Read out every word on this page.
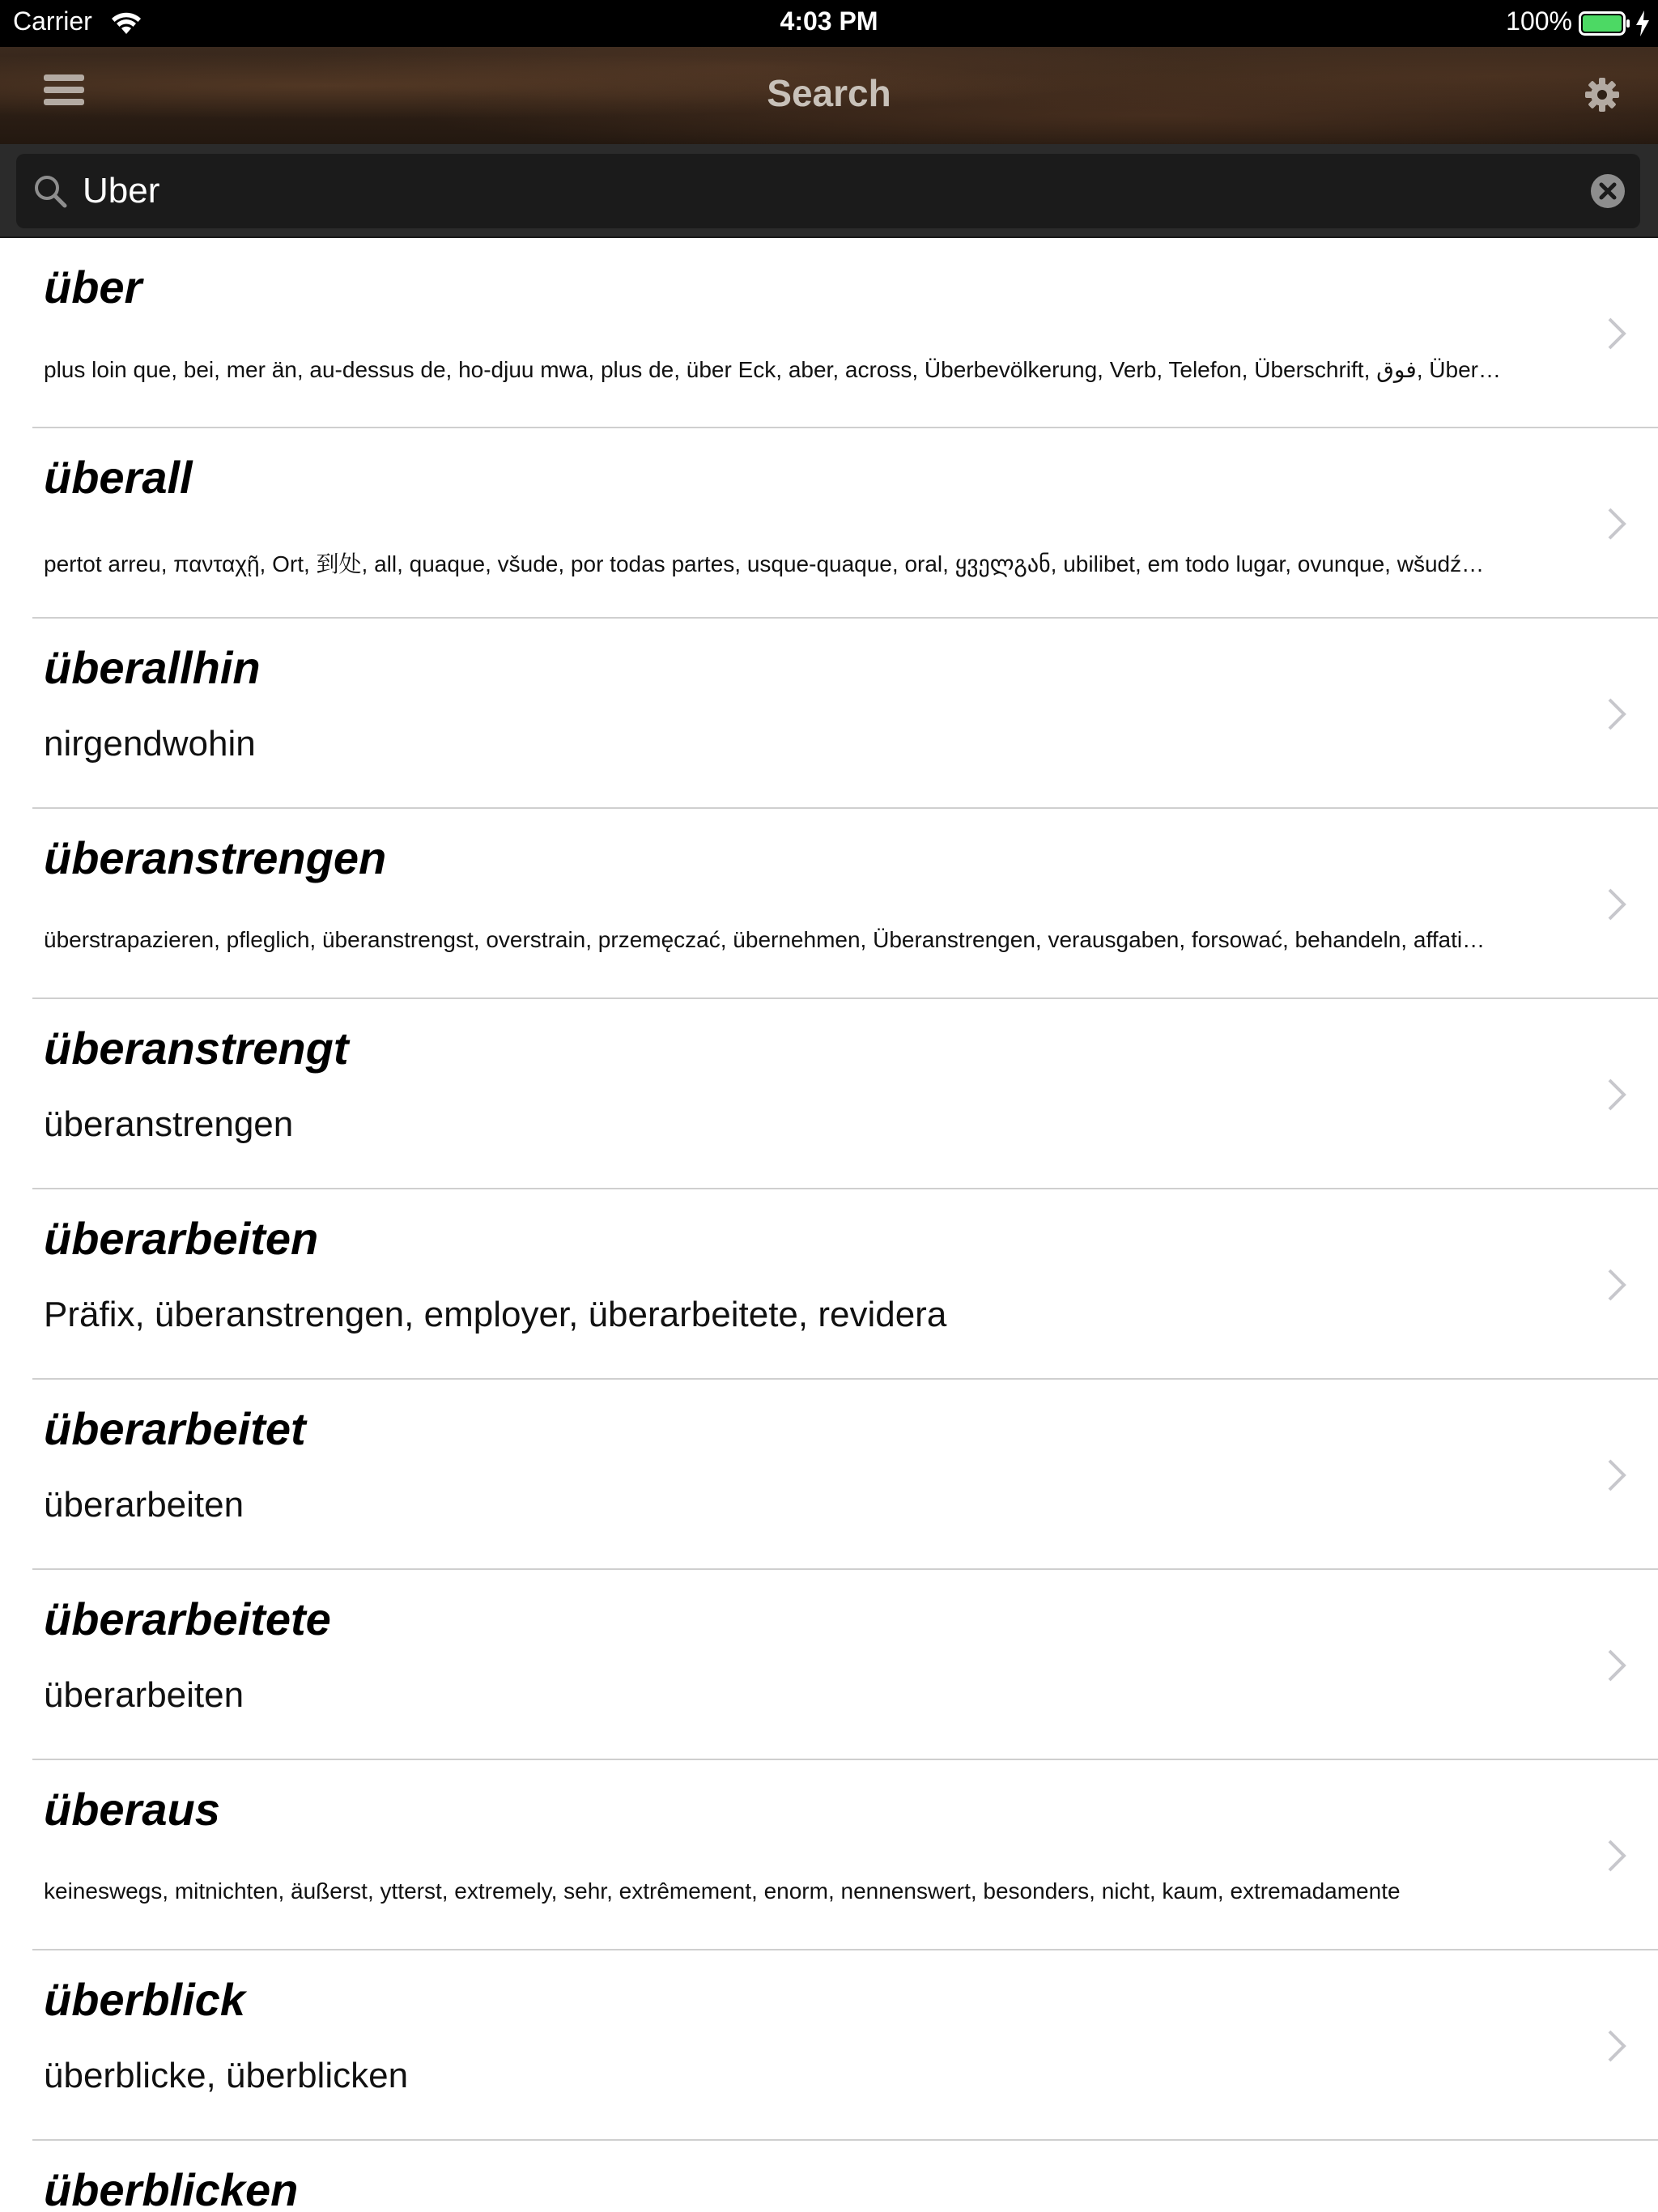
Carrier	4:03 PM	100%
Search
Uber
über
plus loin que, bei, mer än, au-dessus de, ho-djuu mwa, plus de, über Eck, aber, across, Überbevölkerung, Verb, Telefon, Überschrift, فوق, Über…
überall
pertot arreu, πανταχῇ, Ort, 到处, all, quaque, všude, por todas partes, usque-quaque, oral, ყველგან, ubilibet, em todo lugar, ovunque, wšudź…
überallhin
nirgendwohin
überanstrengen
überstrapazieren, pfleglich, überanstrengst, overstrain, przemęczać, übernehmen, Überanstrengen, verausgaben, forsować, behandeln, affati…
überanstrengt
überanstrengen
überarbeiten
Präfix, überanstrengen, employer, überarbeitete, revidera
überarbeitet
überarbeiten
überarbeitete
überarbeiten
überaus
keineswegs, mitnichten, äußerst, ytterst, extremely, sehr, extrêmement, enorm, nennenswert, besonders, nicht, kaum, extremadamente
überblick
überblicke, überblicken
überblicken
